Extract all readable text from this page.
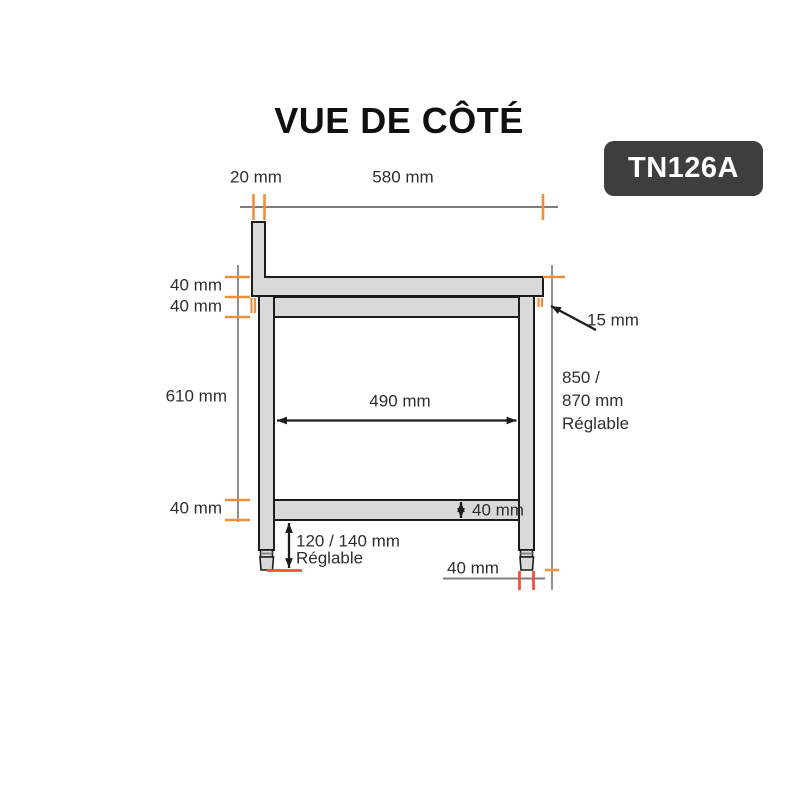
VUE DE CÔTÉ
TN126A
20 mm	580 mm
40 mm
40 mm
610 mm
40 mm
490 mm
15 mm
850 /
870 mm
Réglable
40 mm
120 / 140 mm
Réglable
40 mm
